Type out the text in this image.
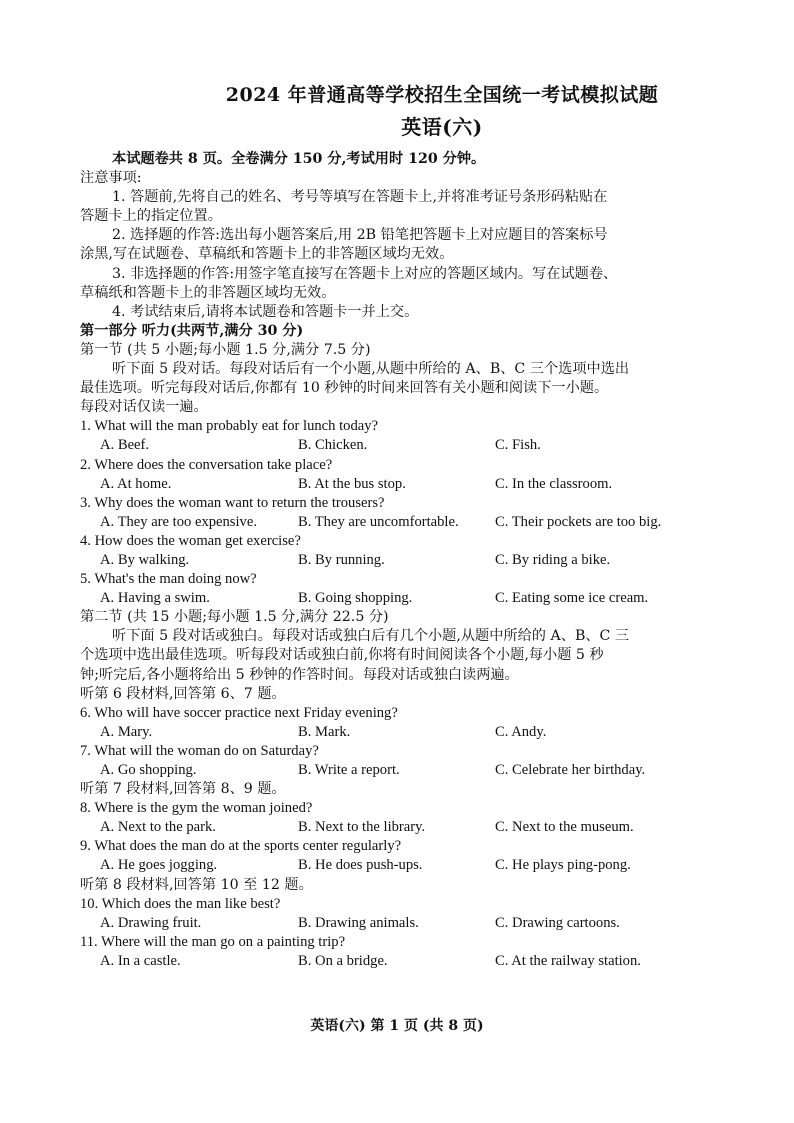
2024 年普通高等学校招生全国统一考试模拟试题
英语(六)
本试题卷共 8 页。全卷满分 150 分,考试用时 120 分钟。
注意事项:
1. 答题前,先将自己的姓名、考号等填写在答题卡上,并将准考证号条形码粘贴在
答题卡上的指定位置。
2. 选择题的作答:选出每小题答案后,用 2B 铅笔把答题卡上对应题目的答案标号
涂黑,写在试题卷、草稿纸和答题卡上的非答题区域均无效。
3. 非选择题的作答:用签字笔直接写在答题卡上对应的答题区域内。写在试题卷、
草稿纸和答题卡上的非答题区域均无效。
4. 考试结束后,请将本试题卷和答题卡一并上交。
第一部分 听力(共两节,满分 30 分)
第一节 (共 5 小题;每小题 1.5 分,满分 7.5 分)
听下面 5 段对话。每段对话后有一个小题,从题中所给的 A、B、C 三个选项中选出
最佳选项。听完每段对话后,你都有 10 秒钟的时间来回答有关小题和阅读下一小题。
每段对话仅读一遍。
1. What will the man probably eat for lunch today?
A. Beef.	B. Chicken.	C. Fish.
2. Where does the conversation take place?
A. At home.	B. At the bus stop.	C. In the classroom.
3. Why does the woman want to return the trousers?
A. They are too expensive.	B. They are uncomfortable.	C. Their pockets are too big.
4. How does the woman get exercise?
A. By walking.	B. By running.	C. By riding a bike.
5. What's the man doing now?
A. Having a swim.	B. Going shopping.	C. Eating some ice cream.
第二节 (共 15 小题;每小题 1.5 分,满分 22.5 分)
听下面 5 段对话或独白。每段对话或独白后有几个小题,从题中所给的 A、B、C 三
个选项中选出最佳选项。听每段对话或独白前,你将有时间阅读各个小题,每小题 5 秒
钟;听完后,各小题将给出 5 秒钟的作答时间。每段对话或独白读两遍。
听第 6 段材料,回答第 6、7 题。
6. Who will have soccer practice next Friday evening?
A. Mary.	B. Mark.	C. Andy.
7. What will the woman do on Saturday?
A. Go shopping.	B. Write a report.	C. Celebrate her birthday.
听第 7 段材料,回答第 8、9 题。
8. Where is the gym the woman joined?
A. Next to the park.	B. Next to the library.	C. Next to the museum.
9. What does the man do at the sports center regularly?
A. He goes jogging.	B. He does push-ups.	C. He plays ping-pong.
听第 8 段材料,回答第 10 至 12 题。
10. Which does the man like best?
A. Drawing fruit.	B. Drawing animals.	C. Drawing cartoons.
11. Where will the man go on a painting trip?
A. In a castle.	B. On a bridge.	C. At the railway station.
英语(六) 第 1 页 (共 8 页)
